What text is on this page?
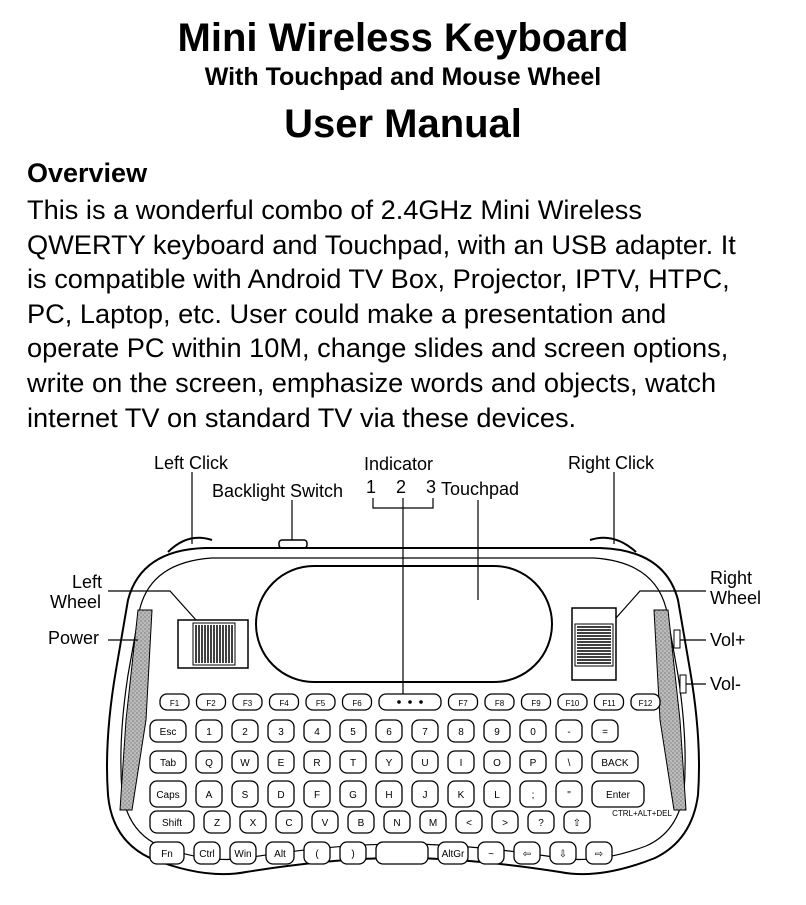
Mini Wireless Keyboard
With Touchpad and Mouse Wheel
User Manual
Overview
This is a wonderful combo of 2.4GHz Mini Wireless
QWERTY keyboard and Touchpad, with an USB adapter. It
is compatible with Android TV Box, Projector, IPTV, HTPC,
PC, Laptop, etc. User could make a presentation and
operate PC within 10M, change slides and screen options,
write on the screen, emphasize words and objects, watch
internet TV on standard TV via these devices.
Left Click
Backlight Switch
Indicator
1 2 3 Touchpad
Right Click
Left
Wheel
Power
Right
Wheel
Vol+
Vol-
F1	F2	F3	F4	F5	F6	F7	F8	F9	F10	F11	F12
Esc	1	2	3	4	5	6	7	8	9	0	-	=
Tab	Q	W	E	R	T	Y	U	I	O	P	\	BACK
Caps	A	S	D	F	G	H	J	K	L	;	"	Enter
Shift	Z	X	C	V	B	N	M	<	>	?	⇧
Fn	Ctrl Win Alt	(	)	AltGr ~	⇦	⇩	⇨
CTRL+ALT+DEL
